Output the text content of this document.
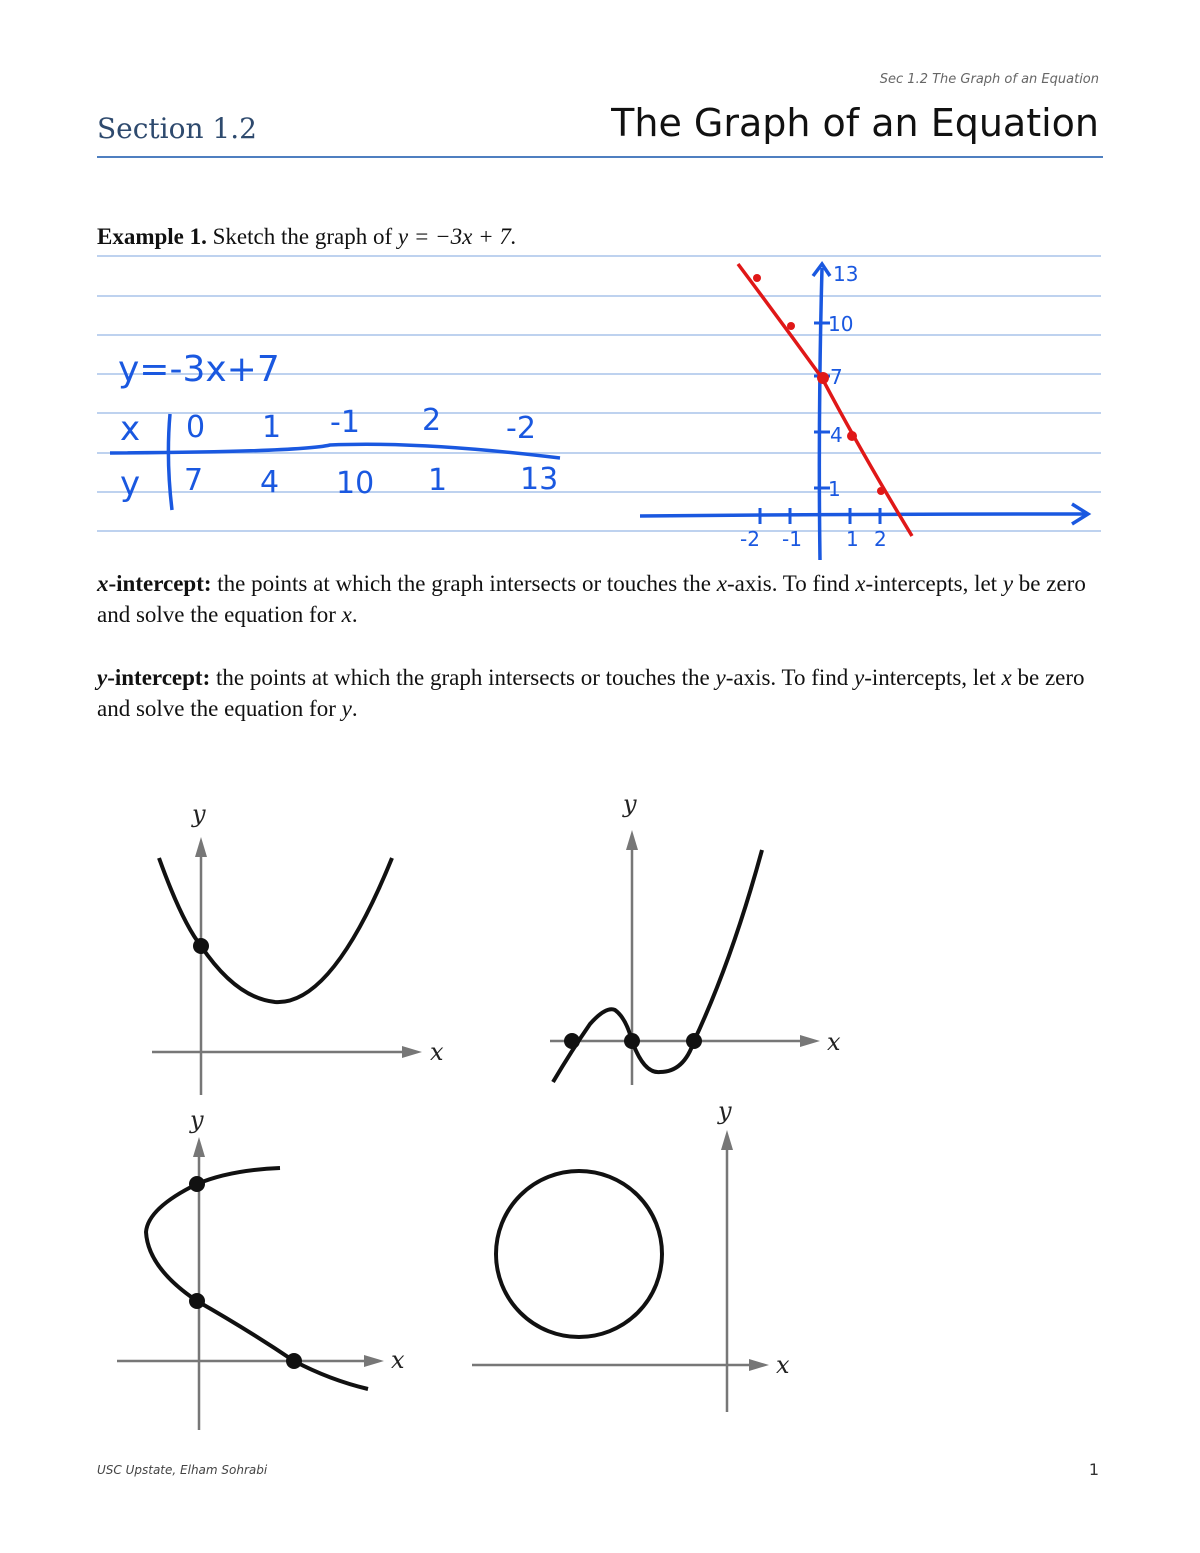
Sec 1.2 The Graph of an Equation
Section 1.2	The Graph of an Equation
Example 1. Sketch the graph of y = −3x + 7.
y=-3x+7
x
y
0 1 -1 2 -2
7 4 10 1 13
13
10
7
4
1
-2 -1 1 2
y
x
y
x
y
x
y
x
x-intercept: the points at which the graph intersects or touches the x-axis. To find x-intercepts, let y be zero and solve the equation for x.
y-intercept: the points at which the graph intersects or touches the y-axis. To find y-intercepts, let x be zero and solve the equation for y.
USC Upstate, Elham Sohrabi	1
